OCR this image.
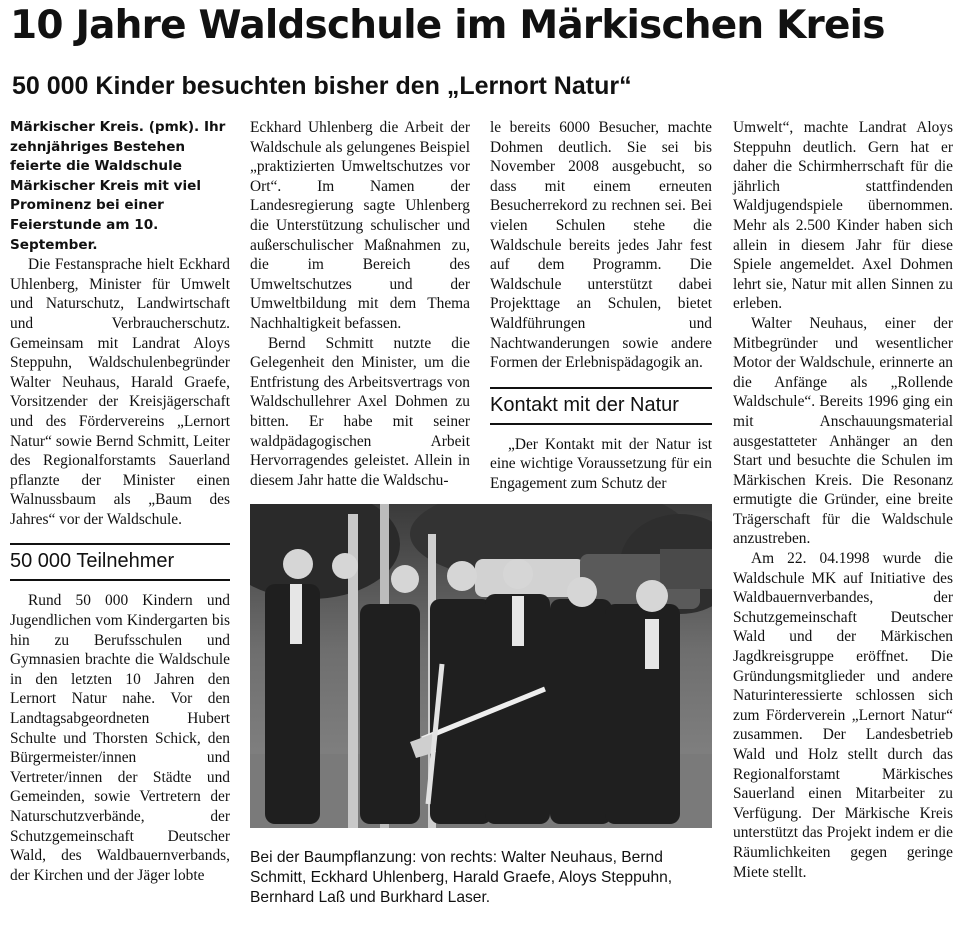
10 Jahre Waldschule im Märkischen Kreis
50 000 Kinder besuchten bisher den „Lernort Natur“

Märkischer Kreis. (pmk). Ihr zehnjähriges Bestehen feierte die Waldschule Märkischer Kreis mit viel Prominenz bei einer Feierstunde am 10. September.

Die Festansprache hielt Eckhard Uhlenberg, Minister für Umwelt und Naturschutz, Landwirtschaft und Verbraucherschutz. Gemeinsam mit Landrat Aloys Steppuhn, Waldschulenbegründer Walter Neuhaus, Harald Graefe, Vorsitzender der Kreisjägerschaft und des Fördervereins „Lernort Natur“ sowie Bernd Schmitt, Leiter des Regionalforstamts Sauerland pflanzte der Minister einen Walnussbaum als „Baum des Jahres“ vor der Waldschule.

50 000 Teilnehmer

Rund 50 000 Kindern und Jugendlichen vom Kindergarten bis hin zu Berufsschulen und Gymnasien brachte die Waldschule in den letzten 10 Jahren den Lernort Natur nahe. Vor den Landtagsabgeordneten Hubert Schulte und Thorsten Schick, den Bürgermeister/innen und Vertreter/innen der Städte und Gemeinden, sowie Vertretern der Naturschutzverbände, der Schutzgemeinschaft Deutscher Wald, des Waldbauernverbands, der Kirchen und der Jäger lobte

Eckhard Uhlenberg die Arbeit der Waldschule als gelungenes Beispiel „praktizierten Umweltschutzes vor Ort“. Im Namen der Landesregierung sagte Uhlenberg die Unterstützung schulischer und außerschulischer Maßnahmen zu, die im Bereich des Umweltschutzes und der Umweltbildung mit dem Thema Nachhaltigkeit befassen.

Bernd Schmitt nutzte die Gelegenheit den Minister, um die Entfristung des Arbeitsvertrags von Waldschullehrer Axel Dohmen zu bitten. Er habe mit seiner waldpädagogischen Arbeit Hervorragendes geleistet. Allein in diesem Jahr hatte die Waldschu-

le bereits 6000 Besucher, machte Dohmen deutlich. Sie sei bis November 2008 ausgebucht, so dass mit einem erneuten Besucherrekord zu rechnen sei. Bei vielen Schulen stehe die Waldschule bereits jedes Jahr fest auf dem Programm. Die Waldschule unterstützt dabei Projekttage an Schulen, bietet Waldführungen und Nachtwanderungen sowie andere Formen der Erlebnispädagogik an.

Kontakt mit der Natur

„Der Kontakt mit der Natur ist eine wichtige Voraussetzung für ein Engagement zum Schutz der

Umwelt“, machte Landrat Aloys Steppuhn deutlich. Gern hat er daher die Schirmherrschaft für die jährlich stattfindenden Waldjugendspiele übernommen. Mehr als 2.500 Kinder haben sich allein in diesem Jahr für diese Spiele angemeldet. Axel Dohmen lehrt sie, Natur mit allen Sinnen zu erleben.

Walter Neuhaus, einer der Mitbegründer und wesentlicher Motor der Waldschule, erinnerte an die Anfänge als „Rollende Waldschule“. Bereits 1996 ging ein mit Anschauungsmaterial ausgestatteter Anhänger an den Start und besuchte die Schulen im Märkischen Kreis. Die Resonanz ermutigte die Gründer, eine breite Trägerschaft für die Waldschule anzustreben.

Am 22. 04.1998 wurde die Waldschule MK auf Initiative des Waldbauernverbandes, der Schutzgemeinschaft Deutscher Wald und der Märkischen Jagdkreisgruppe eröffnet. Die Gründungsmitglieder und andere Naturinteressierte schlossen sich zum Förderverein „Lernort Natur“ zusammen. Der Landesbetrieb Wald und Holz stellt durch das Regionalforstamt Märkisches Sauerland einen Mitarbeiter zu Verfügung. Der Märkische Kreis unterstützt das Projekt indem er die Räumlichkeiten gegen geringe Miete stellt.

Bei der Baumpflanzung: von rechts: Walter Neuhaus, Bernd Schmitt, Eckhard Uhlenberg, Harald Graefe, Aloys Steppuhn, Bernhard Laß und Burkhard Laser.
